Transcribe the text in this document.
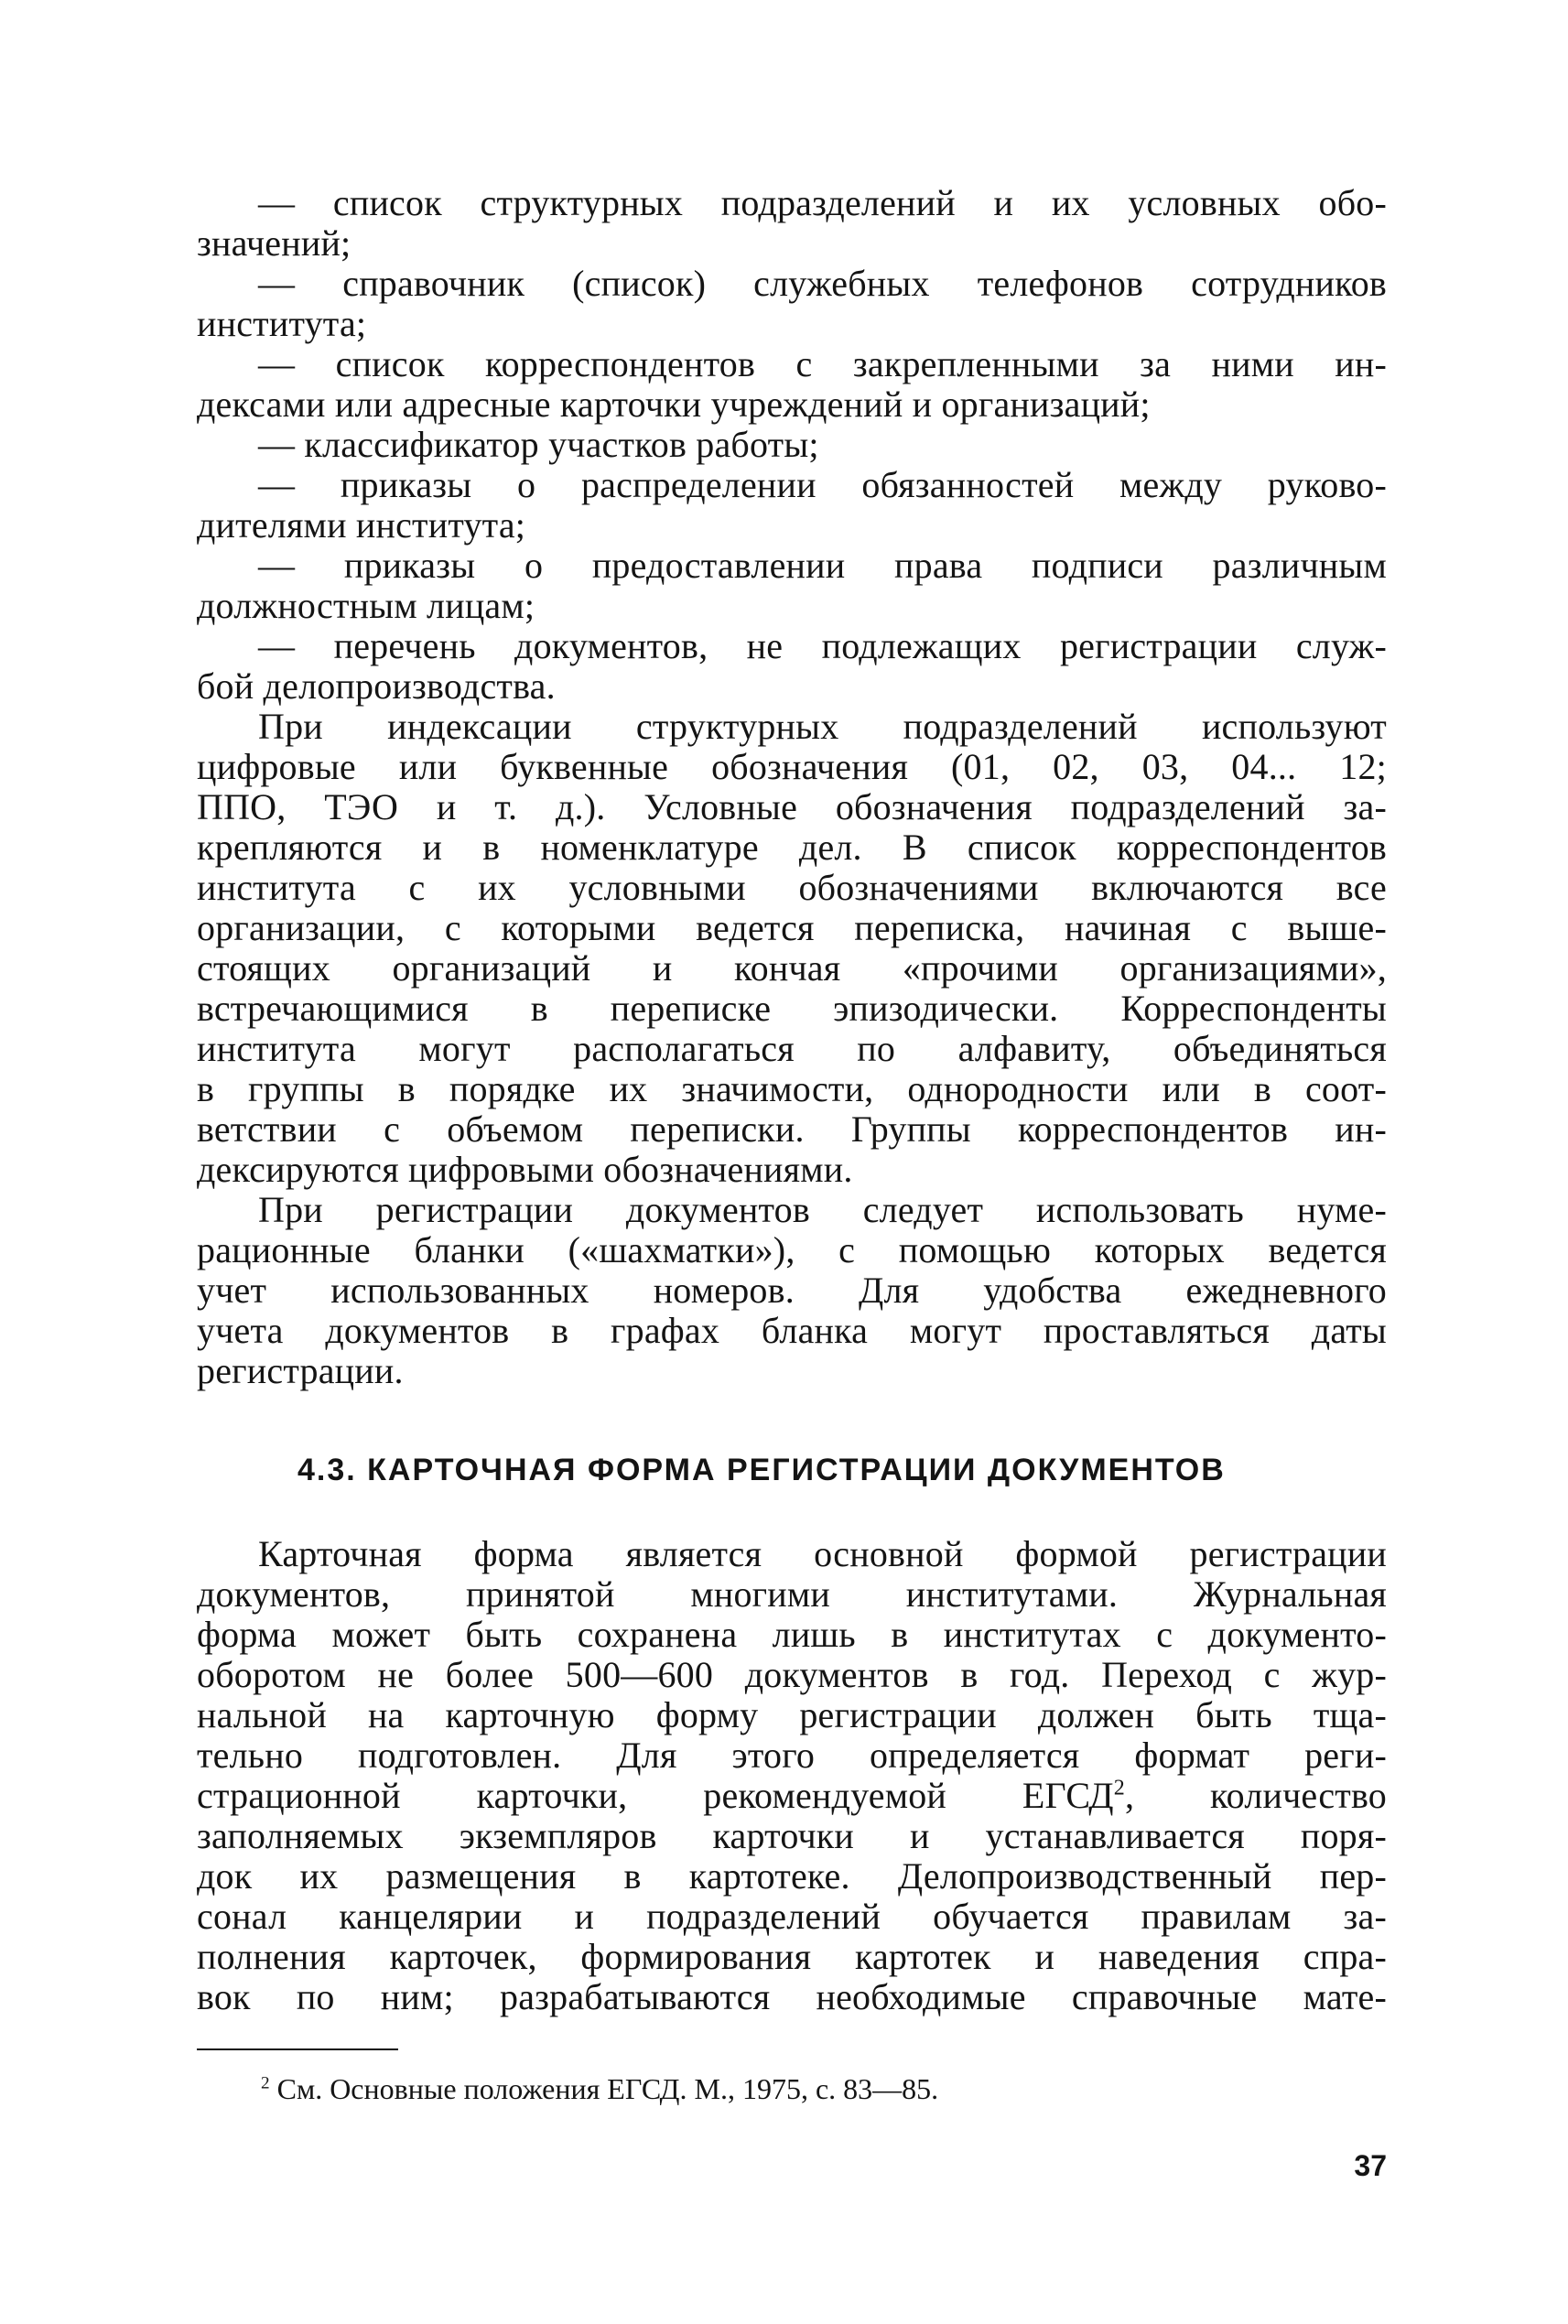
— список структурных подразделений и их условных обо-
значений;
— справочник (список) служебных телефонов сотрудников
института;
— список корреспондентов с закрепленными за ними ин-
дексами или адресные карточки учреждений и организаций;
— классификатор участков работы;
— приказы о распределении обязанностей между руково-
дителями института;
— приказы о предоставлении права подписи различным
должностным лицам;
— перечень документов, не подлежащих регистрации служ-
бой делопроизводства.
При индексации структурных подразделений используют
цифровые или буквенные обозначения (01, 02, 03, 04... 12;
ППО, ТЭО и т. д.). Условные обозначения подразделений за-
крепляются и в номенклатуре дел. В список корреспондентов
института с их условными обозначениями включаются все
организации, с которыми ведется переписка, начиная с выше-
стоящих организаций и кончая «прочими организациями»,
встречающимися в переписке эпизодически. Корреспонденты
института могут располагаться по алфавиту, объединяться
в группы в порядке их значимости, однородности или в соот-
ветствии с объемом переписки. Группы корреспондентов ин-
дексируются цифровыми обозначениями.
При регистрации документов следует использовать нуме-
рационные бланки («шахматки»), с помощью которых ведется
учет использованных номеров. Для удобства ежедневного
учета документов в графах бланка могут проставляться даты
регистрации.
4.3. КАРТОЧНАЯ ФОРМА РЕГИСТРАЦИИ ДОКУМЕНТОВ
Карточная форма является основной формой регистрации
документов, принятой многими институтами. Журнальная
форма может быть сохранена лишь в институтах с документо-
оборотом не более 500—600 документов в год. Переход с жур-
нальной на карточную форму регистрации должен быть тща-
тельно подготовлен. Для этого определяется формат реги-
страционной карточки, рекомендуемой ЕГСД$^2$, количество
заполняемых экземпляров карточки и устанавливается поря-
док их размещения в картотеке. Делопроизводственный пер-
сонал канцелярии и подразделений обучается правилам за-
полнения карточек, формирования картотек и наведения спра-
вок по ним; разрабатываются необходимые справочные мате-
$^2$ См. Основные положения ЕГСД. М., 1975, с. 83—85.
37
